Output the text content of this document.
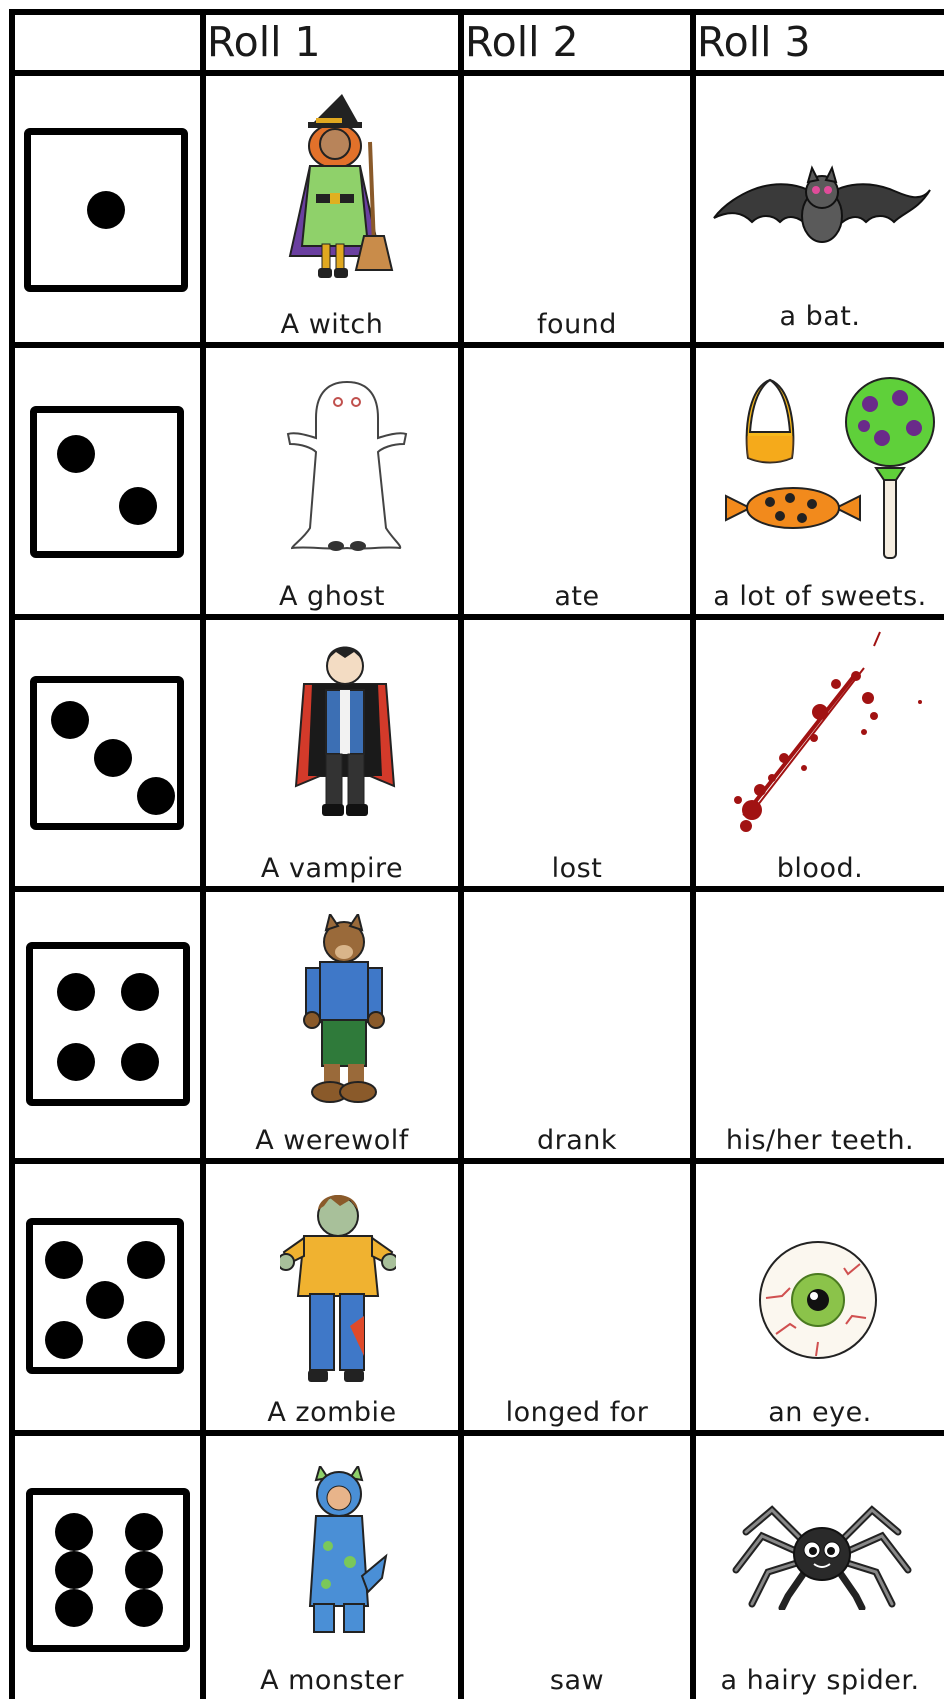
Roll 1	Roll 2	Roll 3
A witch	found	a bat.
A ghost	ate	a lot of sweets.
A vampire	lost	blood.
A werewolf	drank	his/her teeth.
A zombie	longed for	an eye.
A monster	saw	a hairy spider.
